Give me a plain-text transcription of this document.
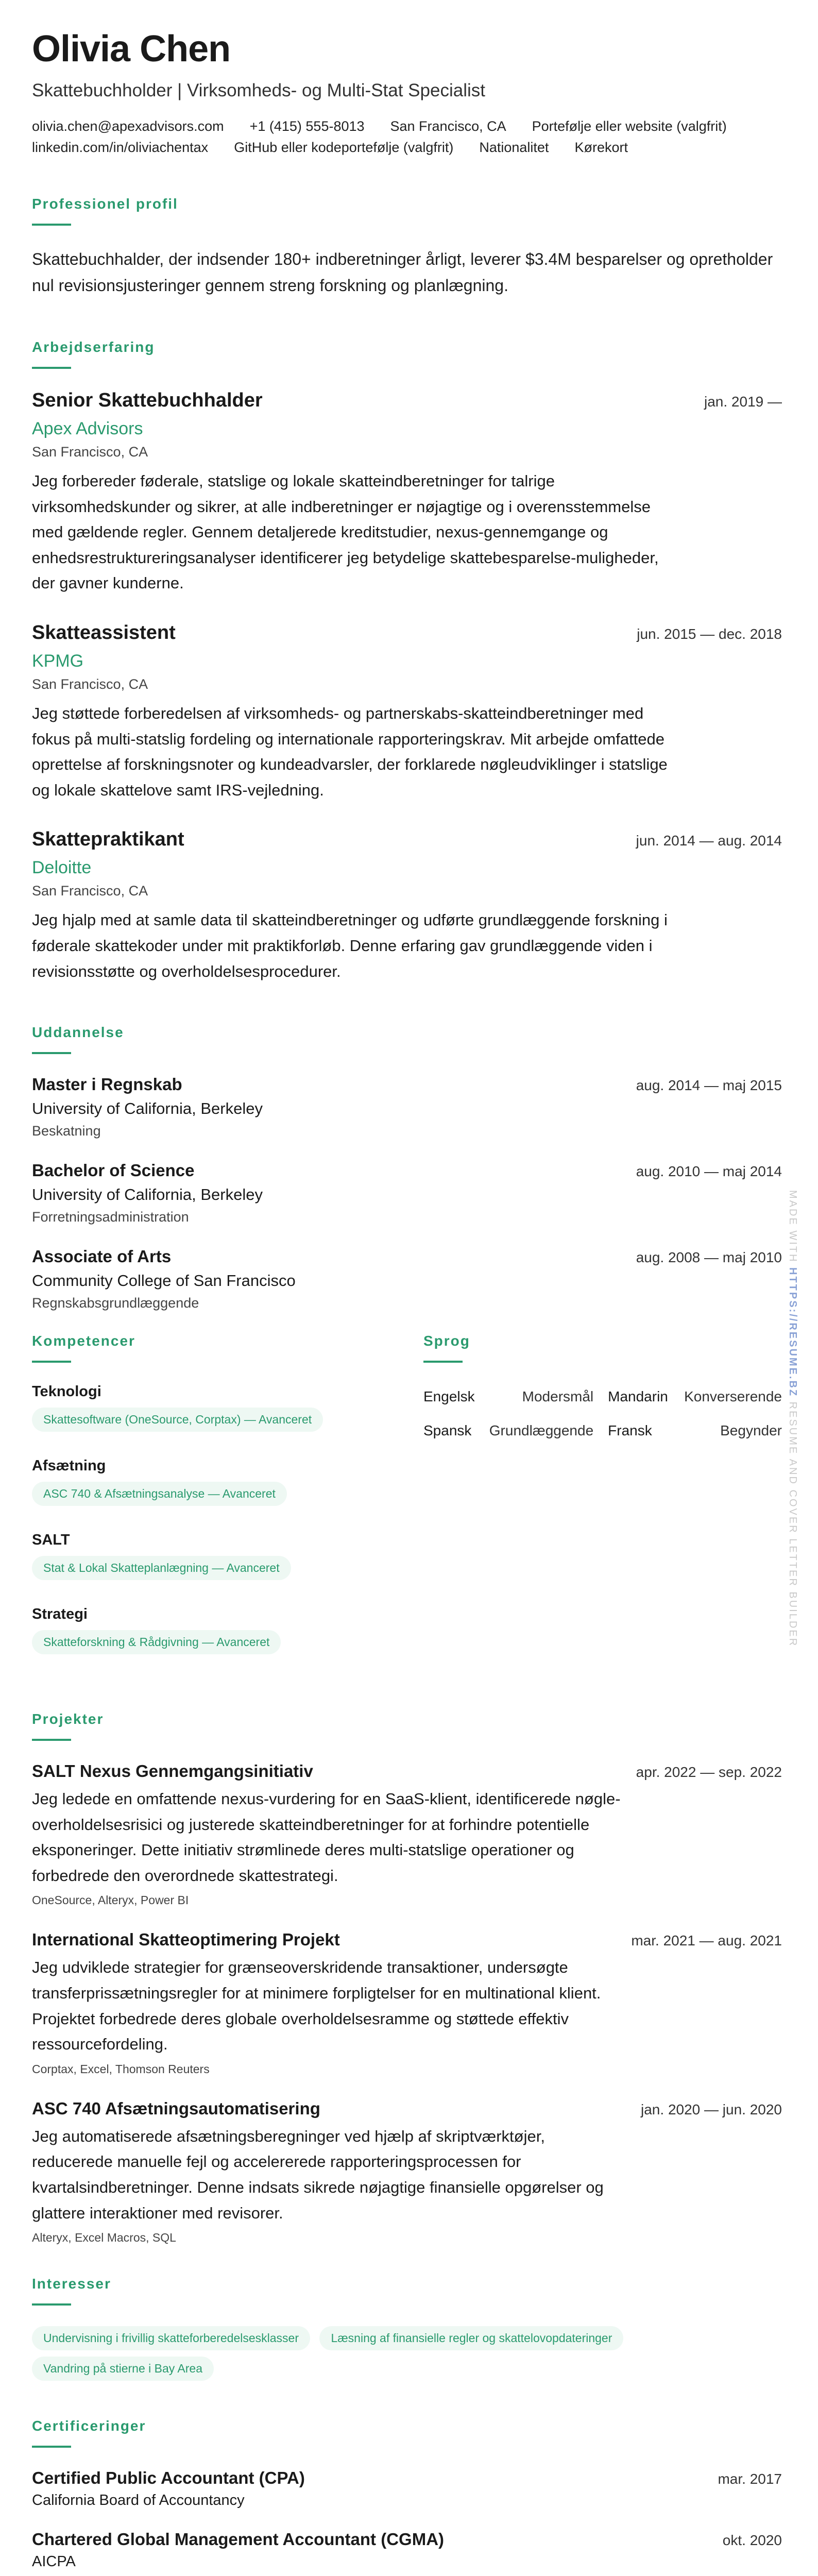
Olivia Chen
Skattebuchholder | Virksomheds- og Multi-Stat Specialist
olivia.chen@apexadvisors.com +1 (415) 555-8013 San Francisco, CA Portefølje eller website (valgfrit)
linkedin.com/in/oliviachentax GitHub eller kodeportefølje (valgfrit) Nationalitet Kørekort
Professionel profil
Skattebuchhalder, der indsender 180+ indberetninger årligt, leverer $3.4M besparelser og opretholder nul revisionsjusteringer gennem streng forskning og planlægning.
Arbejdserfaring
Senior Skattebuchhalder	jan. 2019 —
Apex Advisors
San Francisco, CA
Jeg forbereder føderale, statslige og lokale skatteindberetninger for talrige virksomhedskunder og sikrer, at alle indberetninger er nøjagtige og i overensstemmelse med gældende regler. Gennem detaljerede kreditstudier, nexus-gennemgange og enhedsrestruktureringsanalyser identificerer jeg betydelige skattebesparelse-muligheder, der gavner kunderne.
Skatteassistent	jun. 2015 — dec. 2018
KPMG
San Francisco, CA
Jeg støttede forberedelsen af virksomheds- og partnerskabs-skatteindberetninger med fokus på multi-statslig fordeling og internationale rapporteringskrav. Mit arbejde omfattede oprettelse af forskningsnoter og kundeadvarsler, der forklarede nøgleudviklinger i statslige og lokale skattelove samt IRS-vejledning.
Skattepraktikant	jun. 2014 — aug. 2014
Deloitte
San Francisco, CA
Jeg hjalp med at samle data til skatteindberetninger og udførte grundlæggende forskning i føderale skattekoder under mit praktikforløb. Denne erfaring gav grundlæggende viden i revisionsstøtte og overholdelsesprocedurer.
Uddannelse
Master i Regnskab	aug. 2014 — maj 2015
University of California, Berkeley
Beskatning
Bachelor of Science	aug. 2010 — maj 2014
University of California, Berkeley
Forretningsadministration
Associate of Arts	aug. 2008 — maj 2010
Community College of San Francisco
Regnskabsgrundlæggende
Kompetencer
Teknologi
Skattesoftware (OneSource, Corptax) — Avanceret
Afsætning
ASC 740 & Afsætningsanalyse — Avanceret
SALT
Stat & Lokal Skatteplanlægning — Avanceret
Strategi
Skatteforskning & Rådgivning — Avanceret
Sprog
Engelsk	Modersmål	Mandarin	Konverserende
Spansk	Grundlæggende	Fransk	Begynder
Projekter
SALT Nexus Gennemgangsinitiativ	apr. 2022 — sep. 2022
Jeg ledede en omfattende nexus-vurdering for en SaaS-klient, identificerede nøgle-overholdelsesrisici og justerede skatteindberetninger for at forhindre potentielle eksponeringer. Dette initiativ strømlinede deres multi-statslige operationer og forbedrede den overordnede skattestrategi.
OneSource, Alteryx, Power BI
International Skatteoptimering Projekt	mar. 2021 — aug. 2021
Jeg udviklede strategier for grænseoverskridende transaktioner, undersøgte transferprissætningsregler for at minimere forpligtelser for en multinational klient. Projektet forbedrede deres globale overholdelsesramme og støttede effektiv ressourcefordeling.
Corptax, Excel, Thomson Reuters
ASC 740 Afsætningsautomatisering	jan. 2020 — jun. 2020
Jeg automatiserede afsætningsberegninger ved hjælp af skriptværktøjer, reducerede manuelle fejl og accelererede rapporteringsprocessen for kvartalsindberetninger. Denne indsats sikrede nøjagtige finansielle opgørelser og glattere interaktioner med revisorer.
Alteryx, Excel Macros, SQL
Interesser
Undervisning i frivillig skatteforberedelsesklasser	Læsning af finansielle regler og skattelovopdateringer Vandring på stierne i Bay Area
Certificeringer
Certified Public Accountant (CPA)	mar. 2017
California Board of Accountancy
Chartered Global Management Accountant (CGMA)	okt. 2020
AICPA
MADE WITH HTTPS://RESUME.BZ RESUME AND COVER LETTER BUILDER
